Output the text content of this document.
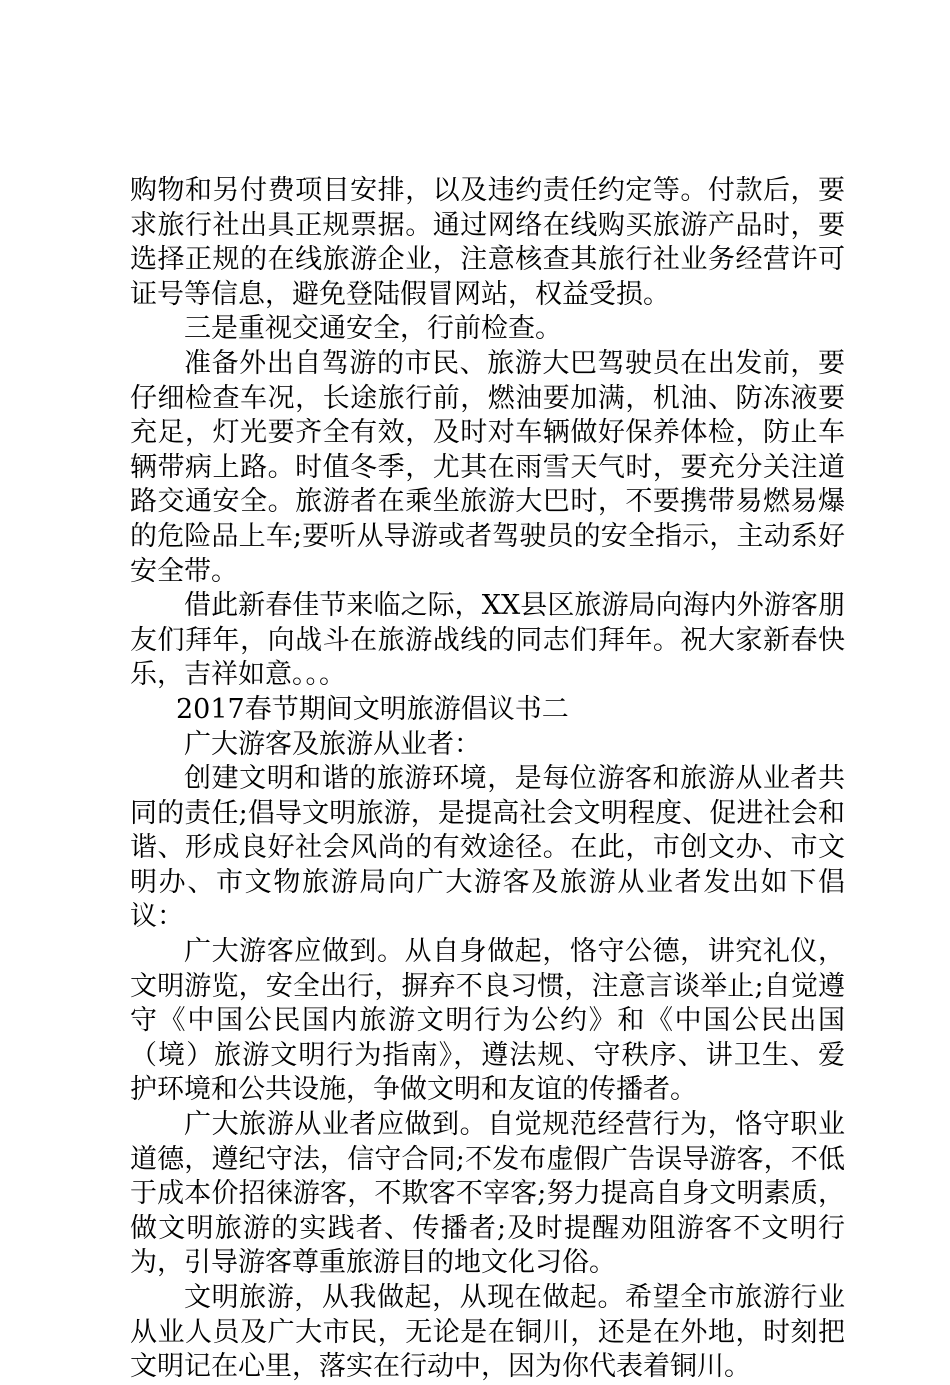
购物和另付费项目安排，以及违约责任约定等。付款后，要求旅行社出具正规票据。通过网络在线购买旅游产品时，要选择正规的在线旅游企业，注意核查其旅行社业务经营许可证号等信息，避免登陆假冒网站，权益受损。

三是重视交通安全，行前检查。

准备外出自驾游的市民、旅游大巴驾驶员在出发前，要仔细检查车况，长途旅行前，燃油要加满，机油、防冻液要充足，灯光要齐全有效，及时对车辆做好保养体检，防止车辆带病上路。时值冬季，尤其在雨雪天气时，要充分关注道路交通安全。旅游者在乘坐旅游大巴时，不要携带易燃易爆的危险品上车;要听从导游或者驾驶员的安全指示，主动系好安全带。

借此新春佳节来临之际，XX县区旅游局向海内外游客朋友们拜年，向战斗在旅游战线的同志们拜年。祝大家新春快乐，吉祥如意。。。

2017春节期间文明旅游倡议书二

广大游客及旅游从业者：

创建文明和谐的旅游环境，是每位游客和旅游从业者共同的责任;倡导文明旅游，是提高社会文明程度、促进社会和谐、形成良好社会风尚的有效途径。在此，市创文办、市文明办、市文物旅游局向广大游客及旅游从业者发出如下倡议：

广大游客应做到。从自身做起，恪守公德，讲究礼仪，文明游览，安全出行，摒弃不良习惯，注意言谈举止;自觉遵守《中国公民国内旅游文明行为公约》和《中国公民出国（境）旅游文明行为指南》，遵法规、守秩序、讲卫生、爱护环境和公共设施，争做文明和友谊的传播者。

广大旅游从业者应做到。自觉规范经营行为，恪守职业道德，遵纪守法，信守合同;不发布虚假广告误导游客，不低于成本价招徕游客，不欺客不宰客;努力提高自身文明素质，做文明旅游的实践者、传播者;及时提醒劝阻游客不文明行为，引导游客尊重旅游目的地文化习俗。

文明旅游，从我做起，从现在做起。希望全市旅游行业从业人员及广大市民，无论是在铜川，还是在外地，时刻把文明记在心里，落实在行动中，因为你代表着铜川。
